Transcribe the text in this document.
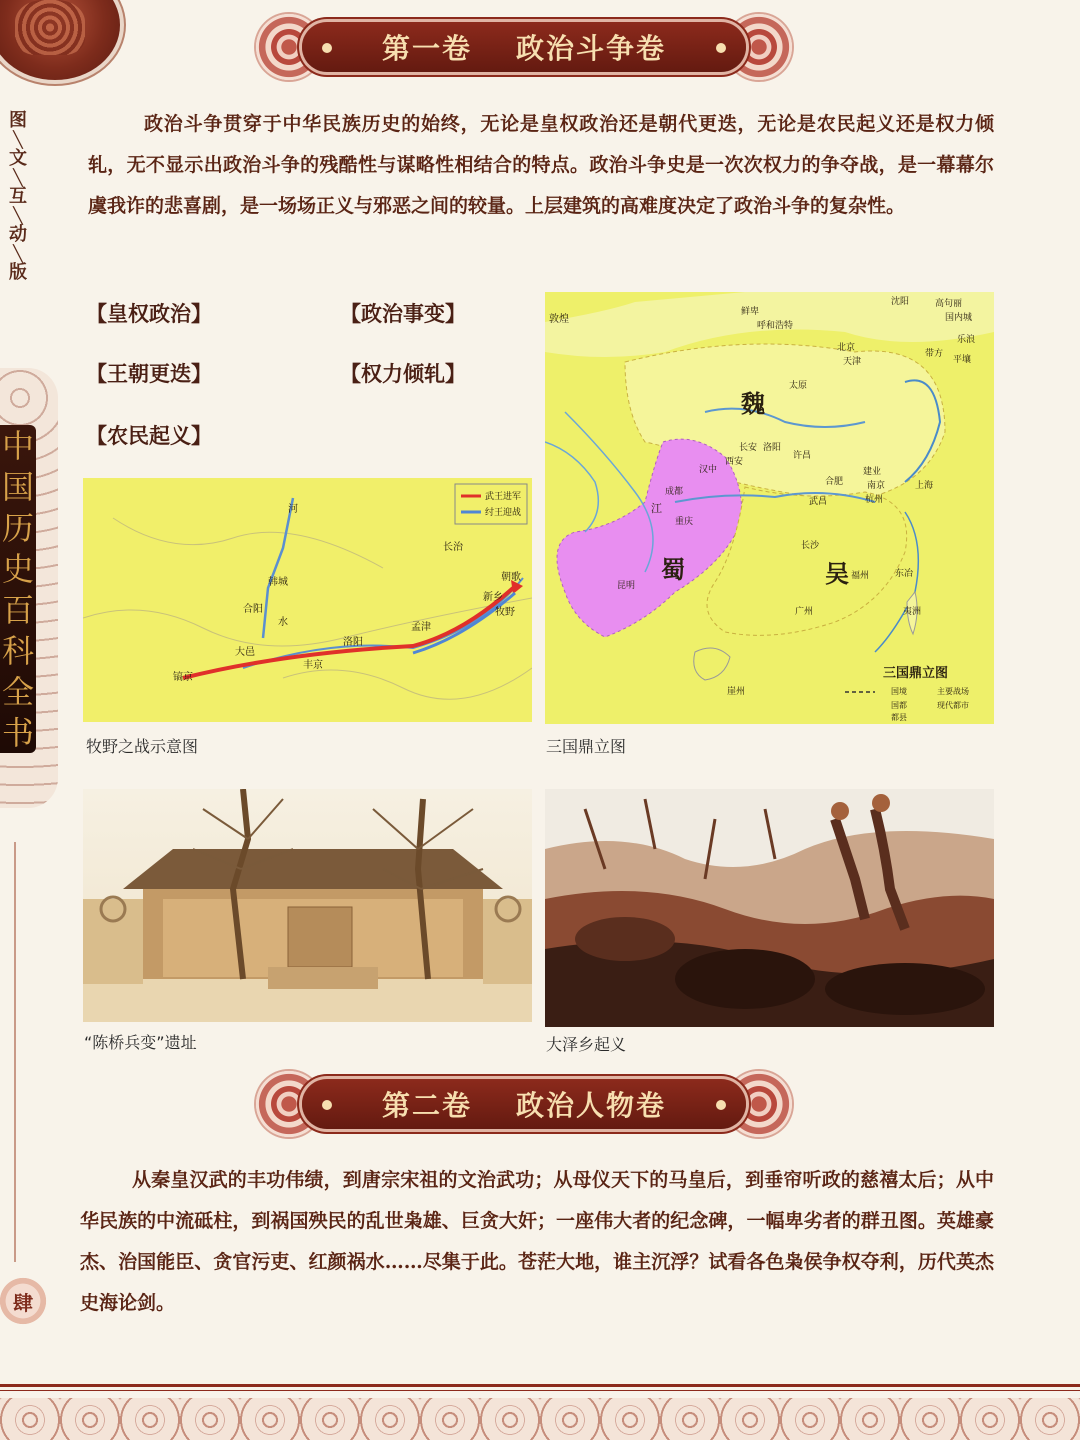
图
╲
文
╲
互
╲
动
╲
版
中
国
历
史
百
科
全
书
肆
第一卷 政治斗争卷

政治斗争贯穿于中华民族历史的始终，无论是皇权政治还是朝代更迭，无论是农民起义还是权力倾轧，无不显示出政治斗争的残酷性与谋略性相结合的特点。政治斗争史是一次次权力的争夺战，是一幕幕尔虞我诈的悲喜剧，是一场场正义与邪恶之间的较量。上层建筑的高难度决定了政治斗争的复杂性。

【皇权政治】	【政治事变】
【王朝更迭】	【权力倾轧】
【农民起义】
武王进军
纣王迎战
河
长治
朝歌
牧野
孟津
大邑
镐京
丰京
洛阳
新乡
韩城
合阳
水
牧野之战示意图
魏
蜀	吴
敦煌
鲜卑
呼和浩特
沈阳	高句丽
国内城
北京
天津
太原
许昌
洛阳
长安
西安
汉中
成都
重庆
江
昆明
长沙
武昌
合肥
建业
南京	上海
杭州
福州	东冶
广州	夷洲
崖州
乐浪
带方
平壤
三国鼎立图
国境	主要战场
国都	现代都市
都县
三国鼎立图
“陈桥兵变”遗址	大泽乡起义
第二卷 政治人物卷

从秦皇汉武的丰功伟绩，到唐宗宋祖的文治武功；从母仪天下的马皇后，到垂帘听政的慈禧太后；从中华民族的中流砥柱，到祸国殃民的乱世枭雄、巨贪大奸；一座伟大者的纪念碑，一幅卑劣者的群丑图。英雄豪杰、治国能臣、贪官污吏、红颜祸水……尽集于此。苍茫大地，谁主沉浮？试看各色枭侯争权夺利，历代英杰史海论剑。
